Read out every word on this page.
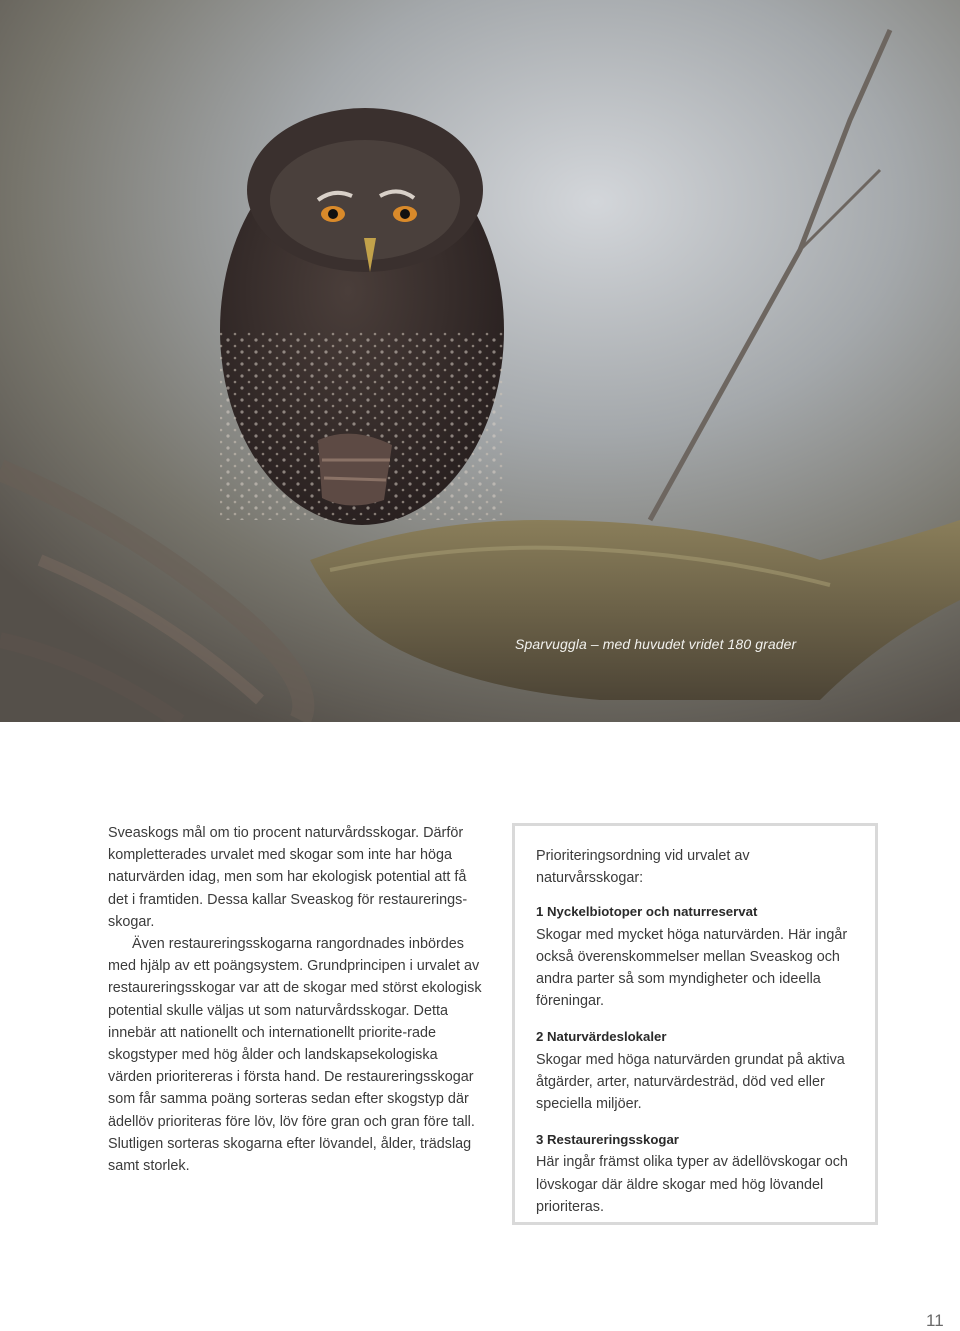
Sparvuggla – med huvudet vridet 180 grader

Sveaskogs mål om tio procent naturvårdsskogar. Därför kompletterades urvalet med skogar som inte har höga naturvärden idag, men som har ekologisk potential att få det i framtiden. Dessa kallar Sveaskog för restaurerings-skogar.

Även restaureringsskogarna rangordnades inbördes med hjälp av ett poängsystem. Grundprincipen i urvalet av restaureringsskogar var att de skogar med störst ekologisk potential skulle väljas ut som naturvårdsskogar. Detta innebär att nationellt och internationellt priorite-rade skogstyper med hög ålder och landskapsekologiska värden prioritereras i första hand. De restaureringsskogar som får samma poäng sorteras sedan efter skogstyp där ädellöv prioriteras före löv, löv före gran och gran före tall. Slutligen sorteras skogarna efter lövandel, ålder, trädslag samt storlek.

Prioriteringsordning vid urvalet av naturvårsskogar:

1 Nyckelbiotoper och naturreservat
Skogar med mycket höga naturvärden. Här ingår också överenskommelser mellan Sveaskog och andra parter så som myndigheter och ideella föreningar.
2 Naturvärdeslokaler
Skogar med höga naturvärden grundat på aktiva åtgärder, arter, naturvärdesträd, död ved eller speciella miljöer.
3 Restaureringsskogar
Här ingår främst olika typer av ädellövskogar och lövskogar där äldre skogar med hög lövandel prioriteras.
11
